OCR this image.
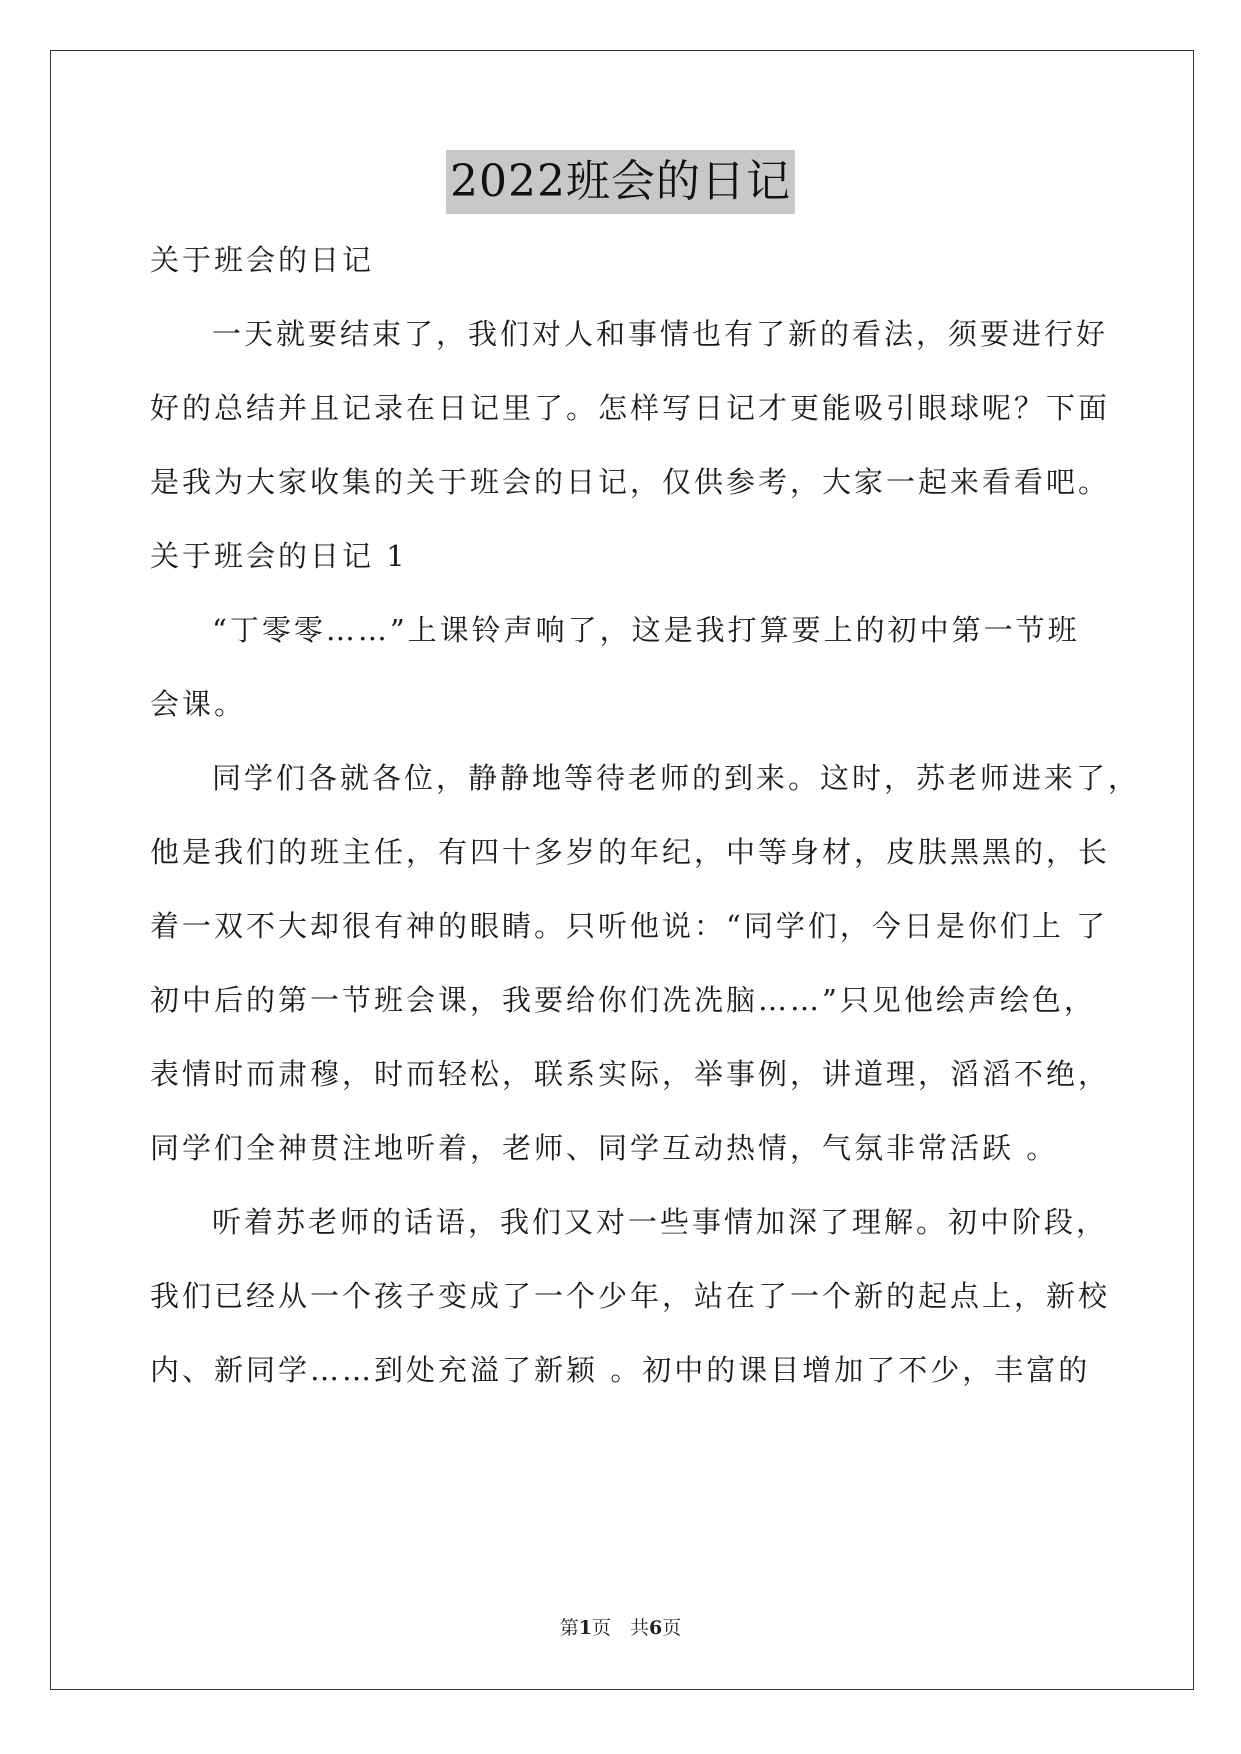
2022班会的日记
关于班会的日记
一天就要结束了，我们对人和事情也有了新的看法，须要进行好
好的总结并且记录在日记里了。怎样写日记才更能吸引眼球呢？下面
是我为大家收集的关于班会的日记，仅供参考，大家一起来看看吧。
关于班会的日记 1
“丁零零……”上课铃声响了，这是我打算要上的初中第一节班
会课。
同学们各就各位，静静地等待老师的到来。这时，苏老师进来了，
他是我们的班主任，有四十多岁的年纪，中等身材，皮肤黑黑的，长
着一双不大却很有神的眼睛。只听他说：“同学们，今日是你们上 了
初中后的第一节班会课，我要给你们冼冼脑……”只见他绘声绘色，
表情时而肃穆，时而轻松，联系实际，举事例，讲道理，滔滔不绝，
同学们全神贯注地听着，老师、同学互动热情，气氛非常活跃 。
听着苏老师的话语，我们又对一些事情加深了理解。初中阶段，
我们已经从一个孩子变成了一个少年，站在了一个新的起点上，新校
内、新同学……到处充溢了新颖 。初中的课目增加了不少，丰富的
第1页　共6页
